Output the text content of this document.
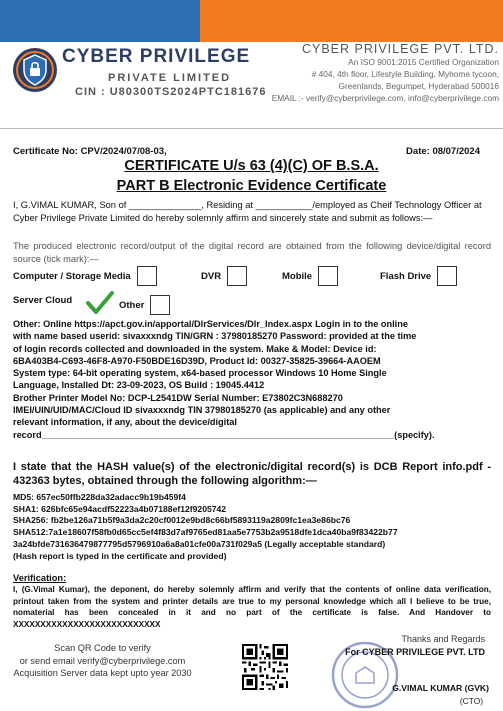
CYBER PRIVILEGE
PRIVATE LIMITED
CIN : U80300TS2024PTC181676
CYBER PRIVILEGE PVT. LTD.
An ISO 9001:2015 Certified Organization
# 404, 4th floor, Lifestyle Building, Myhome tycoon,
Greenlands, Begumpet, Hyderabad 500016
EMAIL :- verify@cyberprivilege.com, info@cyberprivilege.com
Certificate No: CPV/2024/07/08-03,	Date: 08/07/2024
CERTIFICATE U/s 63 (4)(C) OF B.S.A.
PART B Electronic Evidence Certificate
I, G.VIMAL KUMAR, Son of ______________, Residing at ___________/employed as Cheif Technology Officer at Cyber Privilege Private Limited do hereby solemnly affirm and sincerely state and submit as follows:—
The produced electronic record/output of the digital record are obtained from the following device/digital record source (tick mark):—
Computer / Storage Media	DVR	Mobile	Flash Drive
Server Cloud	Other
Other: Online https://apct.gov.in/apportal/DlrServices/Dlr_Index.aspx Login in to the online
with name based userid: sivaxxxndg TIN/GRN : 37980185270 Password: provided at the time
of login records collected and downloaded in the system. Make & Model: Device id:
6BA403B4-C693-46F8-A970-F50BDE16D39D, Product Id: 00327-35825-39664-AAOEM
System type: 64-bit operating system, x64-based processor Windows 10 Home Single
Language, Installed Dt: 23-09-2023, OS Build : 19045.4412
Brother Printer Model No: DCP-L2541DW Serial Number: E73802C3N688270
IMEI/UIN/UID/MAC/Cloud ID sivaxxxndg TIN 37980185270 (as applicable) and any other
relevant information, if any, about the device/digital
record_____________________________________________________________________(specify).
I state that the HASH value(s) of the electronic/digital record(s) is DCB Report info.pdf - 432363 bytes, obtained through the following algorithm:—
MD5: 657ec50ffb228da32adacc9b19b459f4
SHA1: 626bfc65e94acdf52223a4b07188ef12f9205742
SHA256: fb2be126a71b5f9a3da2c20cf0012e9bd8c66bf5893119a2809fc1ea3e86bc76
SHA512:7a1e18607f58fb0d65cc5ef4f83d7af9765ed81aa5e7753b2a9518dfe1dca40ba9f83422b77
3a24bfde731636479877795d5796910a6a8a01cfe00a731f029a5 (Legally acceptable standard)
(Hash report is typed in the certificate and provided)
Verification:
I, (G.Vimal Kumar), the deponent, do hereby solemnly affirm and verify that the contents of online data verification, printout taken from the system and printer details are true to my personal knowledge which all I believe to be true, nomaterial has been concealed in it and no part of the certificate is false. And Handover to XXXXXXXXXXXXXXXXXXXXXXXXXXX
Scan QR Code to verify
or send email verify@cyberprivilege.com
Acquisition Server data kept upto year 2030
Thanks and Regards
For CYBER PRIVILEGE PVT. LTD
G.VIMAL KUMAR (GVK)
(CTO)
